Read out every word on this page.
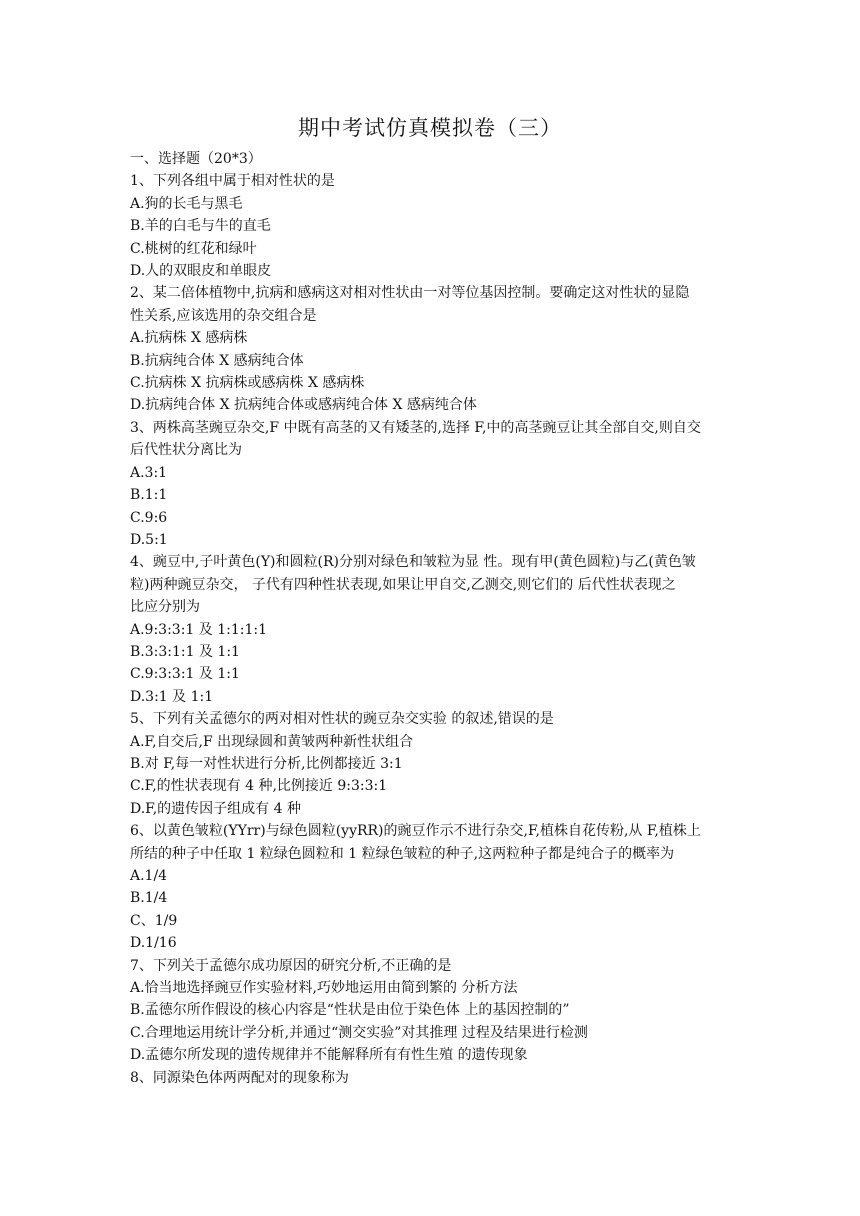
期中考试仿真模拟卷（三）
一、选择题（20*3）
1、下列各组中属于相对性状的是
A.狗的长毛与黑毛
B.羊的白毛与牛的直毛
C.桃树的红花和绿叶
D.人的双眼皮和单眼皮
2、某二倍体植物中,抗病和感病这对相对性状由一对等位基因控制。要确定这对性状的显隐
性关系,应该选用的杂交组合是
A.抗病株 X 感病株
B.抗病纯合体 X 感病纯合体
C.抗病株 X 抗病株或感病株 X 感病株
D.抗病纯合体 X 抗病纯合体或感病纯合体 X 感病纯合体
3、两株高茎豌豆杂交,F 中既有高茎的又有矮茎的,选择 F,中的高茎豌豆让其全部自交,则自交
后代性状分离比为
A.3:1
B.1:1
C.9:6
D.5:1
4、豌豆中,子叶黄色(Y)和圆粒(R)分别对绿色和皱粒为显 性。现有甲(黄色圆粒)与乙(黄色皱
粒)两种豌豆杂交， 子代有四种性状表现,如果让甲自交,乙测交,则它们的 后代性状表现之
比应分别为
A.9:3:3:1 及 1:1:1:1
B.3:3:1:1 及 1:1
C.9:3:3:1 及 1:1
D.3:1 及 1:1
5、下列有关孟德尔的两对相对性状的豌豆杂交实验 的叙述,错误的是
A.F,自交后,F 出现绿圆和黄皱两种新性状组合
B.对 F,每一对性状进行分析,比例都接近 3:1
C.F,的性状表现有 4 种,比例接近 9:3:3:1
D.F,的遗传因子组成有 4 种
6、以黄色皱粒(YYrr)与绿色圆粒(yyRR)的豌豆作示不进行杂交,F,植株自花传粉,从 F,植株上
所结的种子中任取 1 粒绿色圆粒和 1 粒绿色皱粒的种子,这两粒种子都是纯合子的概率为
A.1/4
B.1/4
C、1/9
D.1/16
7、下列关于孟德尔成功原因的研究分析,不正确的是
A.恰当地选择豌豆作实验材料,巧妙地运用由简到繁的 分析方法
B.孟德尔所作假设的核心内容是“性状是由位于染色体 上的基因控制的”
C.合理地运用统计学分析,并通过“测交实验”对其推理 过程及结果进行检测
D.孟德尔所发现的遗传规律并不能解释所有有性生殖 的遗传现象
8、同源染色体两两配对的现象称为
